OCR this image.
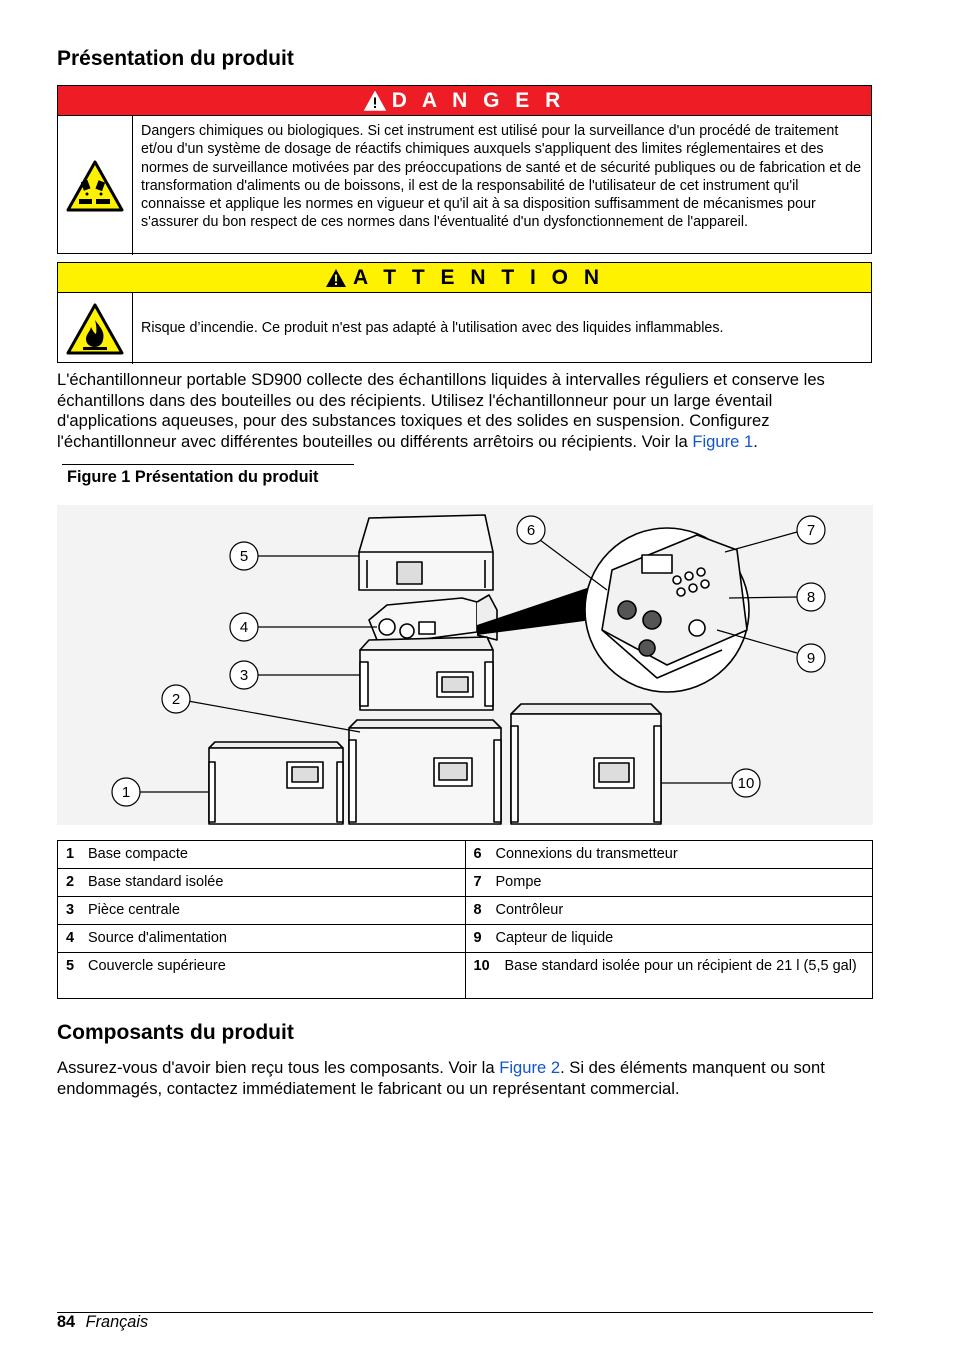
Présentation du produit
D A N G E R
Dangers chimiques ou biologiques. Si cet instrument est utilisé pour la surveillance d'un procédé de traitement et/ou d'un système de dosage de réactifs chimiques auxquels s'appliquent des limites réglementaires et des normes de surveillance motivées par des préoccupations de santé et de sécurité publiques ou de fabrication et de transformation d'aliments ou de boissons, il est de la responsabilité de l'utilisateur de cet instrument qu'il connaisse et applique les normes en vigueur et qu'il ait à sa disposition suffisamment de mécanismes pour s'assurer du bon respect de ces normes dans l'éventualité d'un dysfonctionnement de l'appareil.
A T T E N T I O N
Risque d’incendie. Ce produit n'est pas adapté à l'utilisation avec des liquides inflammables.

L'échantillonneur portable SD900 collecte des échantillons liquides à intervalles réguliers et conserve les échantillons dans des bouteilles ou des récipients. Utilisez l'échantillonneur pour un large éventail d'applications aqueuses, pour des substances toxiques et des solides en suspension. Configurez l'échantillonneur avec différentes bouteilles ou différents arrêtoirs ou récipients. Voir la Figure 1.

Figure 1 Présentation du produit
1
2
3
4
5
6	7
8
9
10
1 Base compacte	6 Connexions du transmetteur
2 Base standard isolée	7 Pompe
3 Pièce centrale	8 Contrôleur
4 Source d'alimentation	9 Capteur de liquide
5 Couvercle supérieure	10 Base standard isolée pour un récipient de 21 l (5,5 gal)
Composants du produit

Assurez-vous d'avoir bien reçu tous les composants. Voir la Figure 2. Si des éléments manquent ou sont endommagés, contactez immédiatement le fabricant ou un représentant commercial.

84 Français
